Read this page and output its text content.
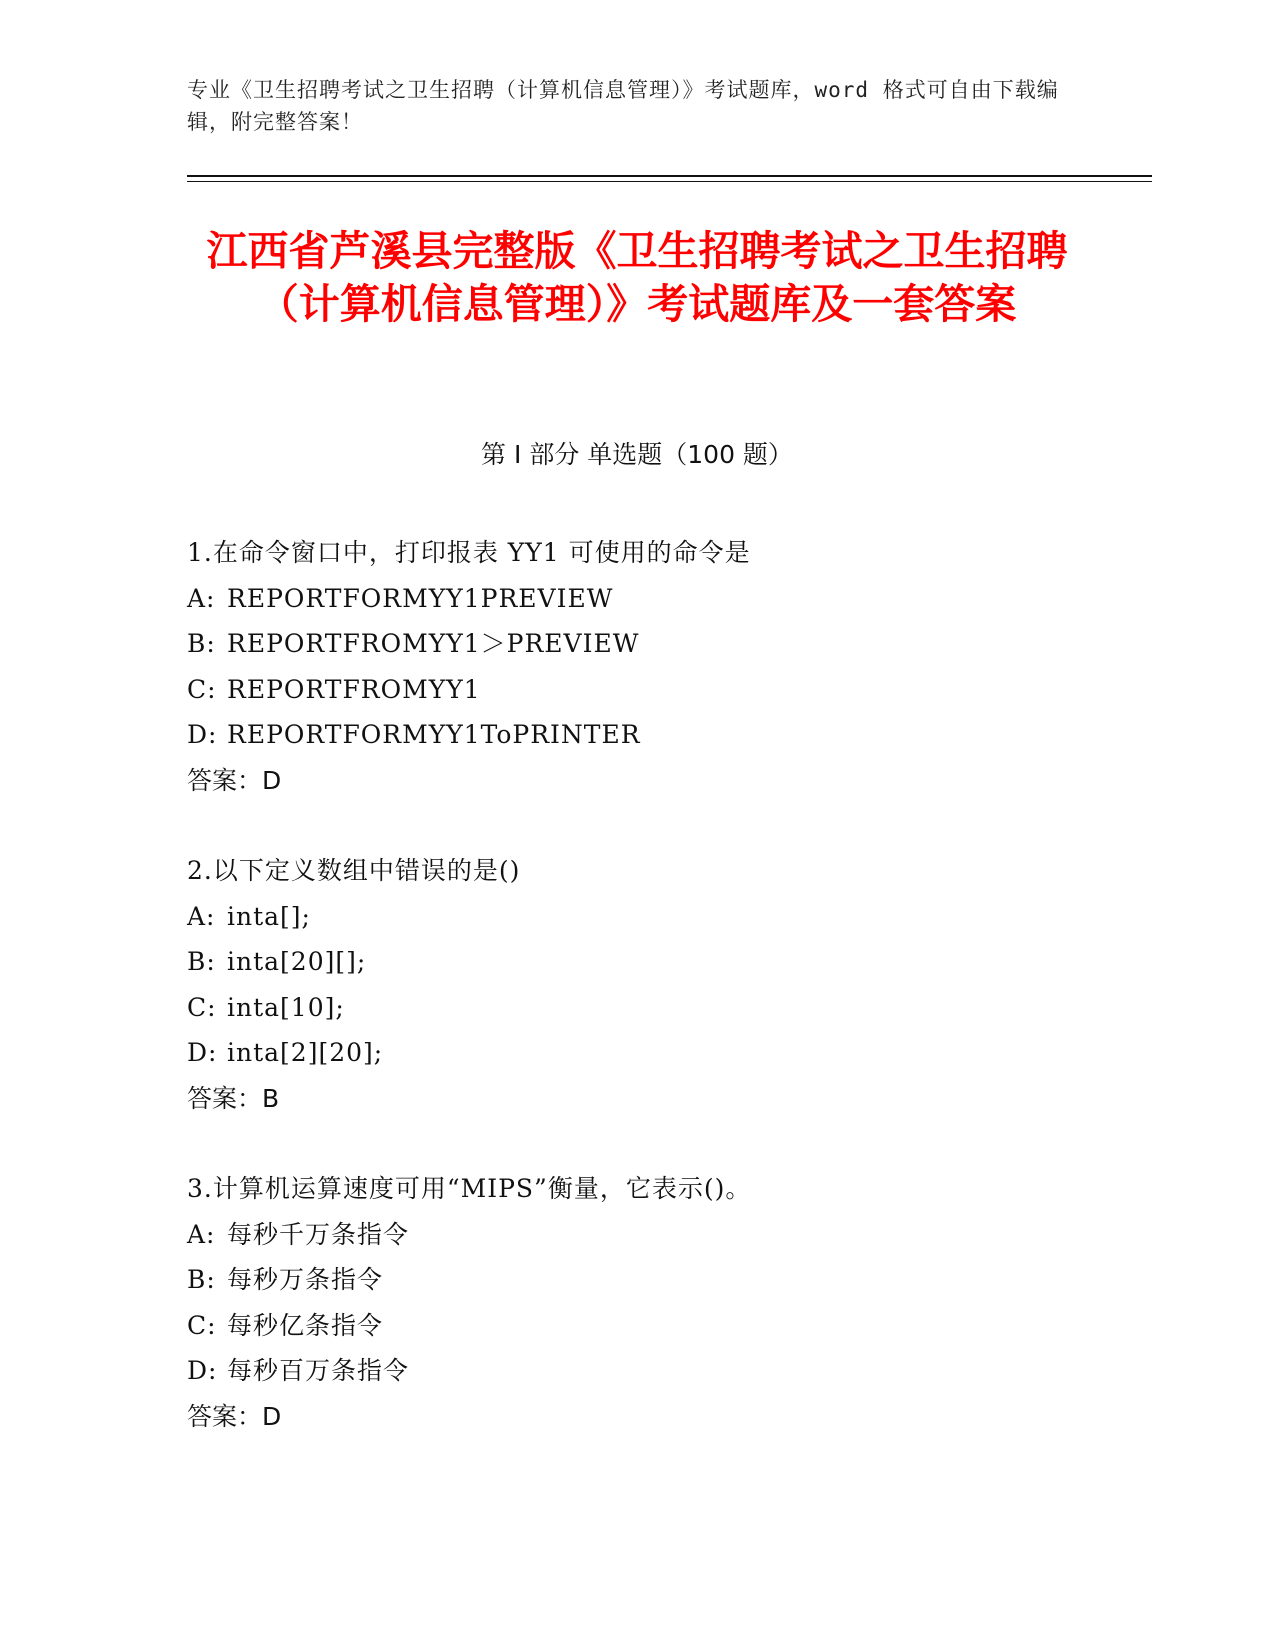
专业《卫生招聘考试之卫生招聘（计算机信息管理）》考试题库，word 格式可自由下载编辑，附完整答案！
江西省芦溪县完整版《卫生招聘考试之卫生招聘（计算机信息管理）》考试题库及一套答案
第 I 部分 单选题（100 题）
1.在命令窗口中，打印报表 YY1 可使用的命令是
A: REPORTFORMYY1PREVIEW
B: REPORTFROMYY1＞PREVIEW
C: REPORTFROMYY1
D: REPORTFORMYY1ToPRINTER
答案：D
2.以下定义数组中错误的是()
A: inta[];
B: inta[20][];
C: inta[10];
D: inta[2][20];
答案：B
3.计算机运算速度可用“MIPS”衡量，它表示()。
A: 每秒千万条指令
B: 每秒万条指令
C: 每秒亿条指令
D: 每秒百万条指令
答案：D
